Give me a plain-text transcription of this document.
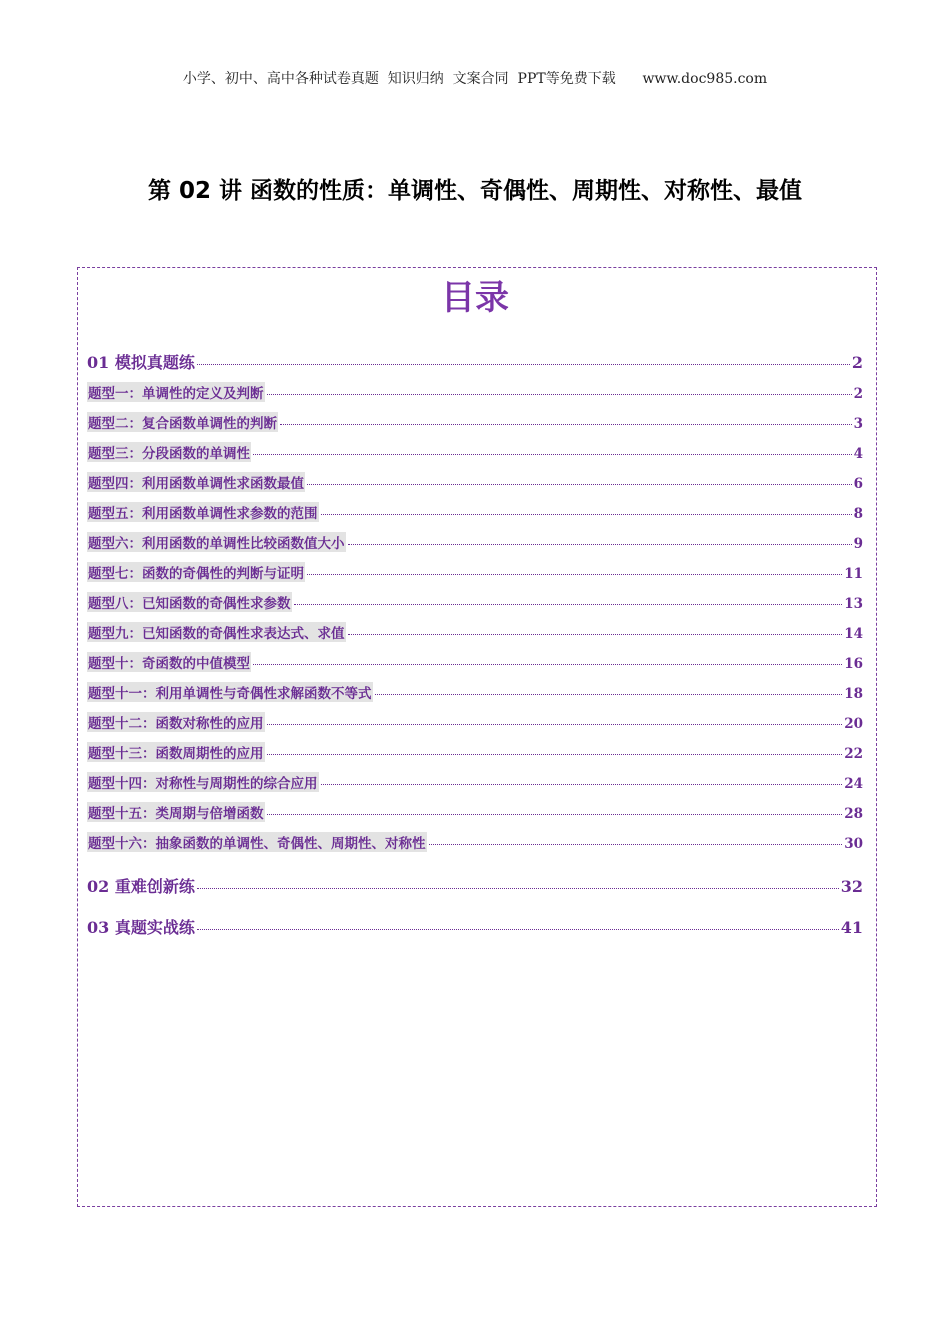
小学、初中、高中各种试卷真题  知识归纳  文案合同  PPT等免费下载      www.doc985.com
第 02 讲 函数的性质：单调性、奇偶性、周期性、对称性、最值
目录
01 模拟真题练	2
题型一：单调性的定义及判断	2
题型二：复合函数单调性的判断	3
题型三：分段函数的单调性	4
题型四：利用函数单调性求函数最值	6
题型五：利用函数单调性求参数的范围	8
题型六：利用函数的单调性比较函数值大小	9
题型七：函数的奇偶性的判断与证明	11
题型八：已知函数的奇偶性求参数	13
题型九：已知函数的奇偶性求表达式、求值	14
题型十：奇函数的中值模型	16
题型十一：利用单调性与奇偶性求解函数不等式	18
题型十二：函数对称性的应用	20
题型十三：函数周期性的应用	22
题型十四：对称性与周期性的综合应用	24
题型十五：类周期与倍增函数	28
题型十六：抽象函数的单调性、奇偶性、周期性、对称性	30
02 重难创新练	32
03 真题实战练	41
